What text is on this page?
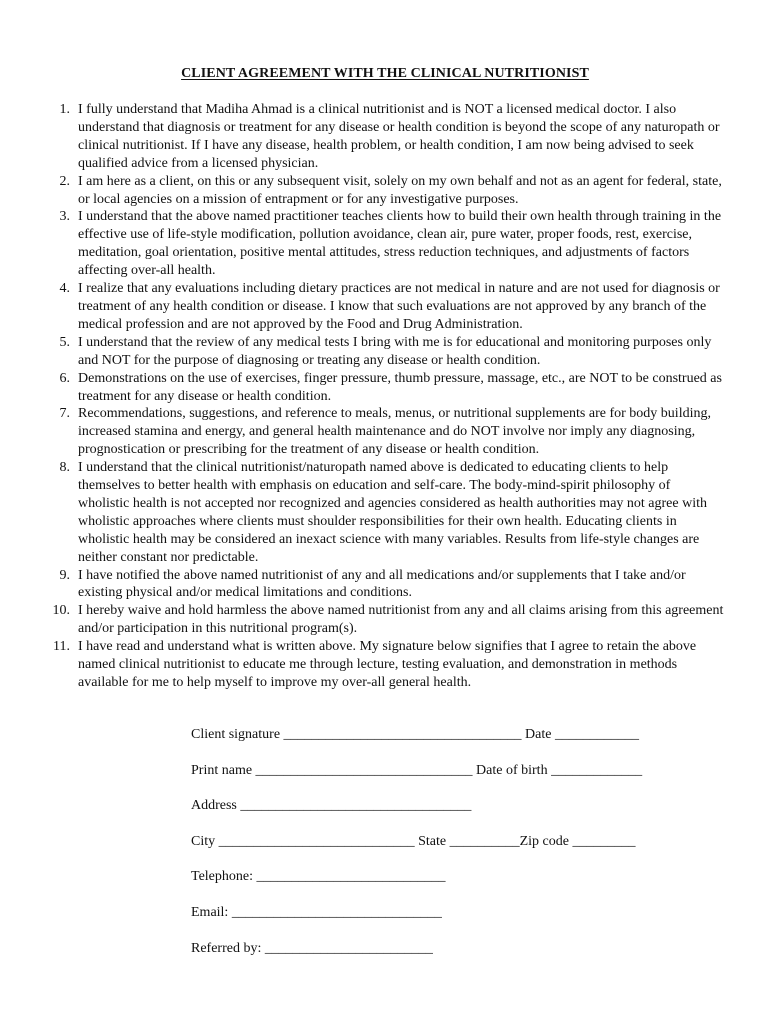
CLIENT AGREEMENT WITH THE CLINICAL NUTRITIONIST
1. I fully understand that Madiha Ahmad is a clinical nutritionist and is NOT a licensed medical doctor. I also understand that diagnosis or treatment for any disease or health condition is beyond the scope of any naturopath or clinical nutritionist. If I have any disease, health problem, or health condition, I am now being advised to seek qualified advice from a licensed physician.
2. I am here as a client, on this or any subsequent visit, solely on my own behalf and not as an agent for federal, state, or local agencies on a mission of entrapment or for any investigative purposes.
3. I understand that the above named practitioner teaches clients how to build their own health through training in the effective use of life-style modification, pollution avoidance, clean air, pure water, proper foods, rest, exercise, meditation, goal orientation, positive mental attitudes, stress reduction techniques, and adjustments of factors affecting over-all health.
4. I realize that any evaluations including dietary practices are not medical in nature and are not used for diagnosis or treatment of any health condition or disease. I know that such evaluations are not approved by any branch of the medical profession and are not approved by the Food and Drug Administration.
5. I understand that the review of any medical tests I bring with me is for educational and monitoring purposes only and NOT for the purpose of diagnosing or treating any disease or health condition.
6. Demonstrations on the use of exercises, finger pressure, thumb pressure, massage, etc., are NOT to be construed as treatment for any disease or health condition.
7. Recommendations, suggestions, and reference to meals, menus, or nutritional supplements are for body building, increased stamina and energy, and general health maintenance and do NOT involve nor imply any diagnosing, prognostication or prescribing for the treatment of any disease or health condition.
8. I understand that the clinical nutritionist/naturopath named above is dedicated to educating clients to help themselves to better health with emphasis on education and self-care. The body-mind-spirit philosophy of wholistic health is not accepted nor recognized and agencies considered as health authorities may not agree with wholistic approaches where clients must shoulder responsibilities for their own health. Educating clients in wholistic health may be considered an inexact science with many variables. Results from life-style changes are neither constant nor predictable.
9. I have notified the above named nutritionist of any and all medications and/or supplements that I take and/or existing physical and/or medical limitations and conditions.
10. I hereby waive and hold harmless the above named nutritionist from any and all claims arising from this agreement and/or participation in this nutritional program(s).
11. I have read and understand what is written above. My signature below signifies that I agree to retain the above named clinical nutritionist to educate me through lecture, testing evaluation, and demonstration in methods available for me to help myself to improve my over-all general health.
Client signature __________________________________ Date ____________
Print name _______________________________ Date of birth _____________
Address _________________________________
City ____________________________ State __________Zip code _________
Telephone: ___________________________
Email: ______________________________
Referred by: ________________________
